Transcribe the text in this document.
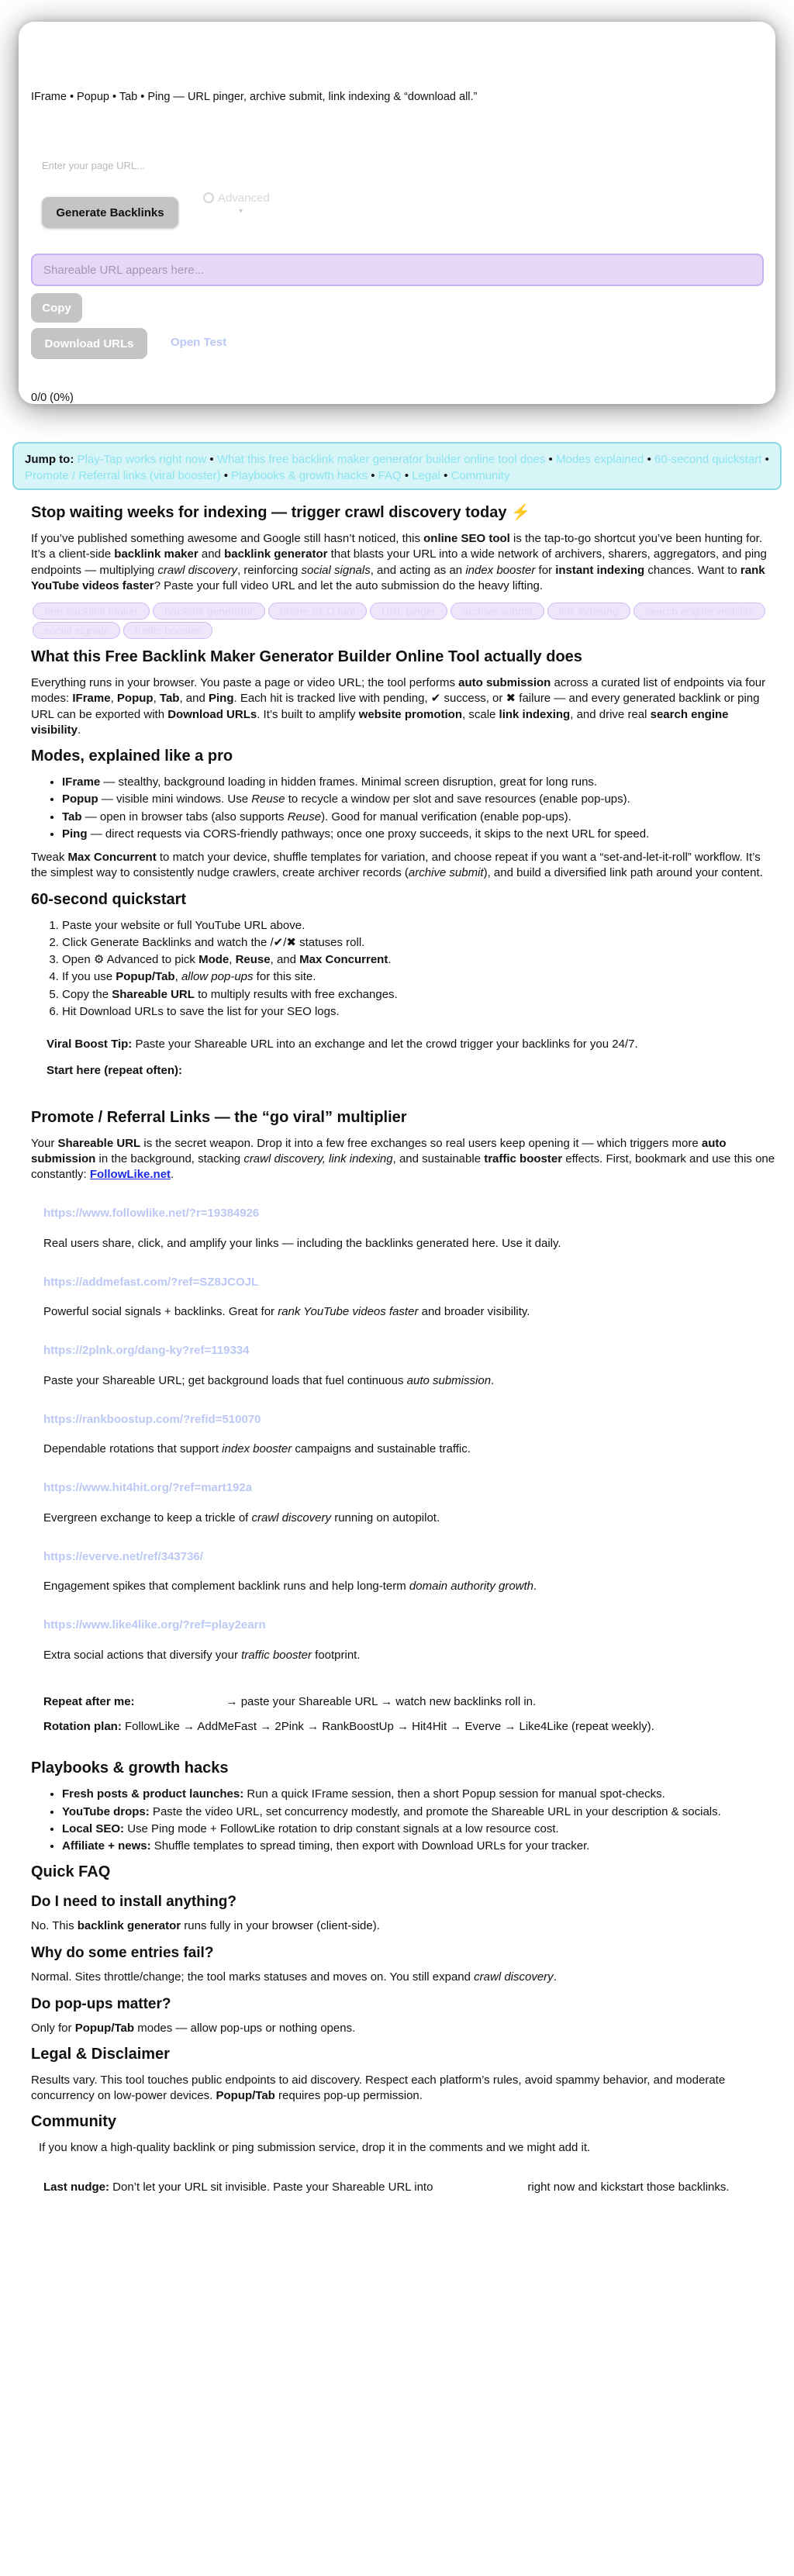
IFrame • Popup • Tab • Ping — URL pinger, archive submit, link indexing & “download all.”
Enter your page URL...
Generate Backlinks
Advanced
▾
Shareable URL appears here...
Copy
Download URLs	Open Test
0/0 (0%)
Jump to: Play-Tap works right now • What this free backlink maker generator builder online tool does • Modes explained • 60-second quickstart • Promote / Referral links (viral booster) • Playbooks & growth hacks • FAQ • Legal • Community
Stop waiting weeks for indexing — trigger crawl discovery today ⚡

If you’ve published something awesome and Google still hasn’t noticed, this online SEO tool is the tap-to-go shortcut you’ve been hunting for. It’s a client-side backlink maker and backlink generator that blasts your URL into a wide network of archivers, sharers, aggregators, and ping endpoints — multiplying crawl discovery, reinforcing social signals, and acting as an index booster for instant indexing chances. Want to rank YouTube videos faster? Paste your full video URL and let the auto submission do the heavy lifting.

free backlink maker backlink generator online SEO tool URL pinger archive submit link indexing search engine visibilitysocial signals traffic booster
What this Free Backlink Maker Generator Builder Online Tool actually does

Everything runs in your browser. You paste a page or video URL; the tool performs auto submission across a curated list of endpoints via four modes: IFrame, Popup, Tab, and Ping. Each hit is tracked live with pending, ✔ success, or ✖ failure — and every generated backlink or ping URL can be exported with Download URLs. It’s built to amplify website promotion, scale link indexing, and drive real search engine visibility.

Modes, explained like a pro
• IFrame — stealthy, background loading in hidden frames. Minimal screen disruption, great for long runs.
• Popup — visible mini windows. Use Reuse to recycle a window per slot and save resources (enable pop-ups).
• Tab — open in browser tabs (also supports Reuse). Good for manual verification (enable pop-ups).
• Ping — direct requests via CORS-friendly pathways; once one proxy succeeds, it skips to the next URL for speed.

Tweak Max Concurrent to match your device, shuffle templates for variation, and choose repeat if you want a “set-and-let-it-roll” workflow. It’s the simplest way to consistently nudge crawlers, create archiver records (archive submit), and build a diversified link path around your content.

60-second quickstart
1. Paste your website or full YouTube URL above.
2. Click Generate Backlinks and watch the /✔/✖ statuses roll.
3. Open ⚙ Advanced to pick Mode, Reuse, and Max Concurrent.
4. If you use Popup/Tab, allow pop-ups for this site.
5. Copy the Shareable URL to multiply results with free exchanges.
6. Hit Download URLs to save the list for your SEO logs.

Viral Boost Tip: Paste your Shareable URL into an exchange and let the crowd trigger your backlinks for you 24/7.

Start here (repeat often):

Promote / Referral Links — the “go viral” multiplier

Your Shareable URL is the secret weapon. Drop it into a few free exchanges so real users keep opening it — which triggers more auto submission in the background, stacking crawl discovery, link indexing, and sustainable traffic booster effects. First, bookmark and use this one constantly: FollowLike.net.

https://www.followlike.net/?r=19384926

Real users share, click, and amplify your links — including the backlinks generated here. Use it daily.

https://addmefast.com/?ref=SZ8JCOJL

Powerful social signals + backlinks. Great for rank YouTube videos faster and broader visibility.

https://2plnk.org/dang-ky?ref=119334

Paste your Shareable URL; get background loads that fuel continuous auto submission.

https://rankboostup.com/?refid=510070

Dependable rotations that support index booster campaigns and sustainable traffic.

https://www.hit4hit.org/?ref=mart192a

Evergreen exchange to keep a trickle of crawl discovery running on autopilot.

https://everve.net/ref/343736/

Engagement spikes that complement backlink runs and help long-term domain authority growth.

https://www.like4like.org/?ref=play2earn

Extra social actions that diversify your traffic booster footprint.

Repeat after me:	→ paste your Shareable URL → watch new backlinks roll in.

Rotation plan: FollowLike → AddMeFast → 2Pink → RankBoostUp → Hit4Hit → Everve → Like4Like (repeat weekly).

Playbooks & growth hacks
• Fresh posts & product launches: Run a quick IFrame session, then a short Popup session for manual spot-checks.
• YouTube drops: Paste the video URL, set concurrency modestly, and promote the Shareable URL in your description & socials.
• Local SEO: Use Ping mode + FollowLike rotation to drip constant signals at a low resource cost.
• Affiliate + news: Shuffle templates to spread timing, then export with Download URLs for your tracker.
Quick FAQ
Do I need to install anything?

No. This backlink generator runs fully in your browser (client-side).

Why do some entries fail?

Normal. Sites throttle/change; the tool marks statuses and moves on. You still expand crawl discovery.

Do pop-ups matter?

Only for Popup/Tab modes — allow pop-ups or nothing opens.

Legal & Disclaimer

Results vary. This tool touches public endpoints to aid discovery. Respect each platform’s rules, avoid spammy behavior, and moderate concurrency on low-power devices. Popup/Tab requires pop-up permission.

Community

If you know a high-quality backlink or ping submission service, drop it in the comments and we might add it.

Last nudge: Don’t let your URL sit invisible. Paste your Shareable URL into	right now and kickstart those backlinks.
